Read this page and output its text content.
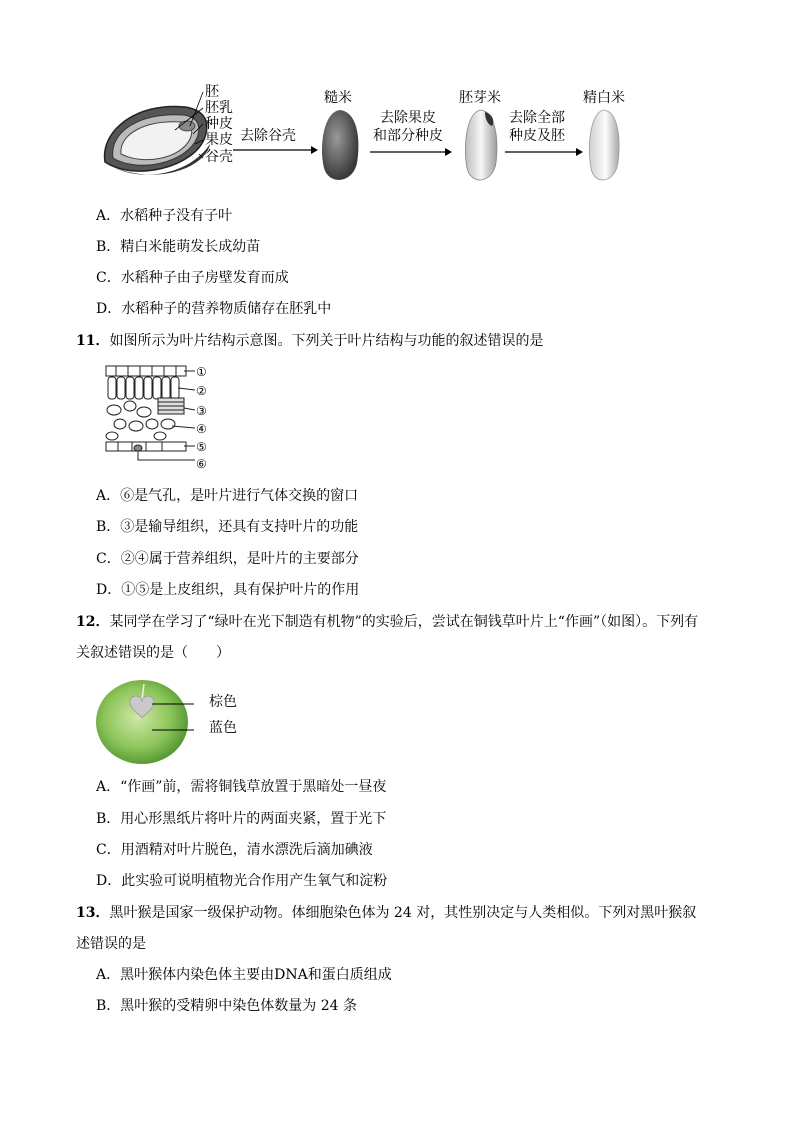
胚
胚乳
种皮
果皮
谷壳
去除谷壳
糙米
去除果皮
和部分种皮
胚芽米
去除全部
种皮及胚
精白米
A．水稻种子没有子叶
B．精白米能萌发长成幼苗
C．水稻种子由子房壁发育而成
D．水稻种子的营养物质储存在胚乳中
11．如图所示为叶片结构示意图。下列关于叶片结构与功能的叙述错误的是
①
②
③
④
⑤
⑥
A．⑥是气孔，是叶片进行气体交换的窗口
B．③是输导组织，还具有支持叶片的功能
C．②④属于营养组织，是叶片的主要部分
D．①⑤是上皮组织，具有保护叶片的作用
12．某同学在学习了“绿叶在光下制造有机物”的实验后，尝试在铜钱草叶片上“作画”（如图）。下列有
关叙述错误的是（　　）
棕色
蓝色
A．“作画”前，需将铜钱草放置于黑暗处一昼夜
B．用心形黑纸片将叶片的两面夹紧，置于光下
C．用酒精对叶片脱色，清水漂洗后滴加碘液
D．此实验可说明植物光合作用产生氧气和淀粉
13．黑叶猴是国家一级保护动物。体细胞染色体为 24 对，其性别决定与人类相似。下列对黑叶猴叙
述错误的是
A．黑叶猴体内染色体主要由DNA和蛋白质组成
B．黑叶猴的受精卵中染色体数量为 24 条
